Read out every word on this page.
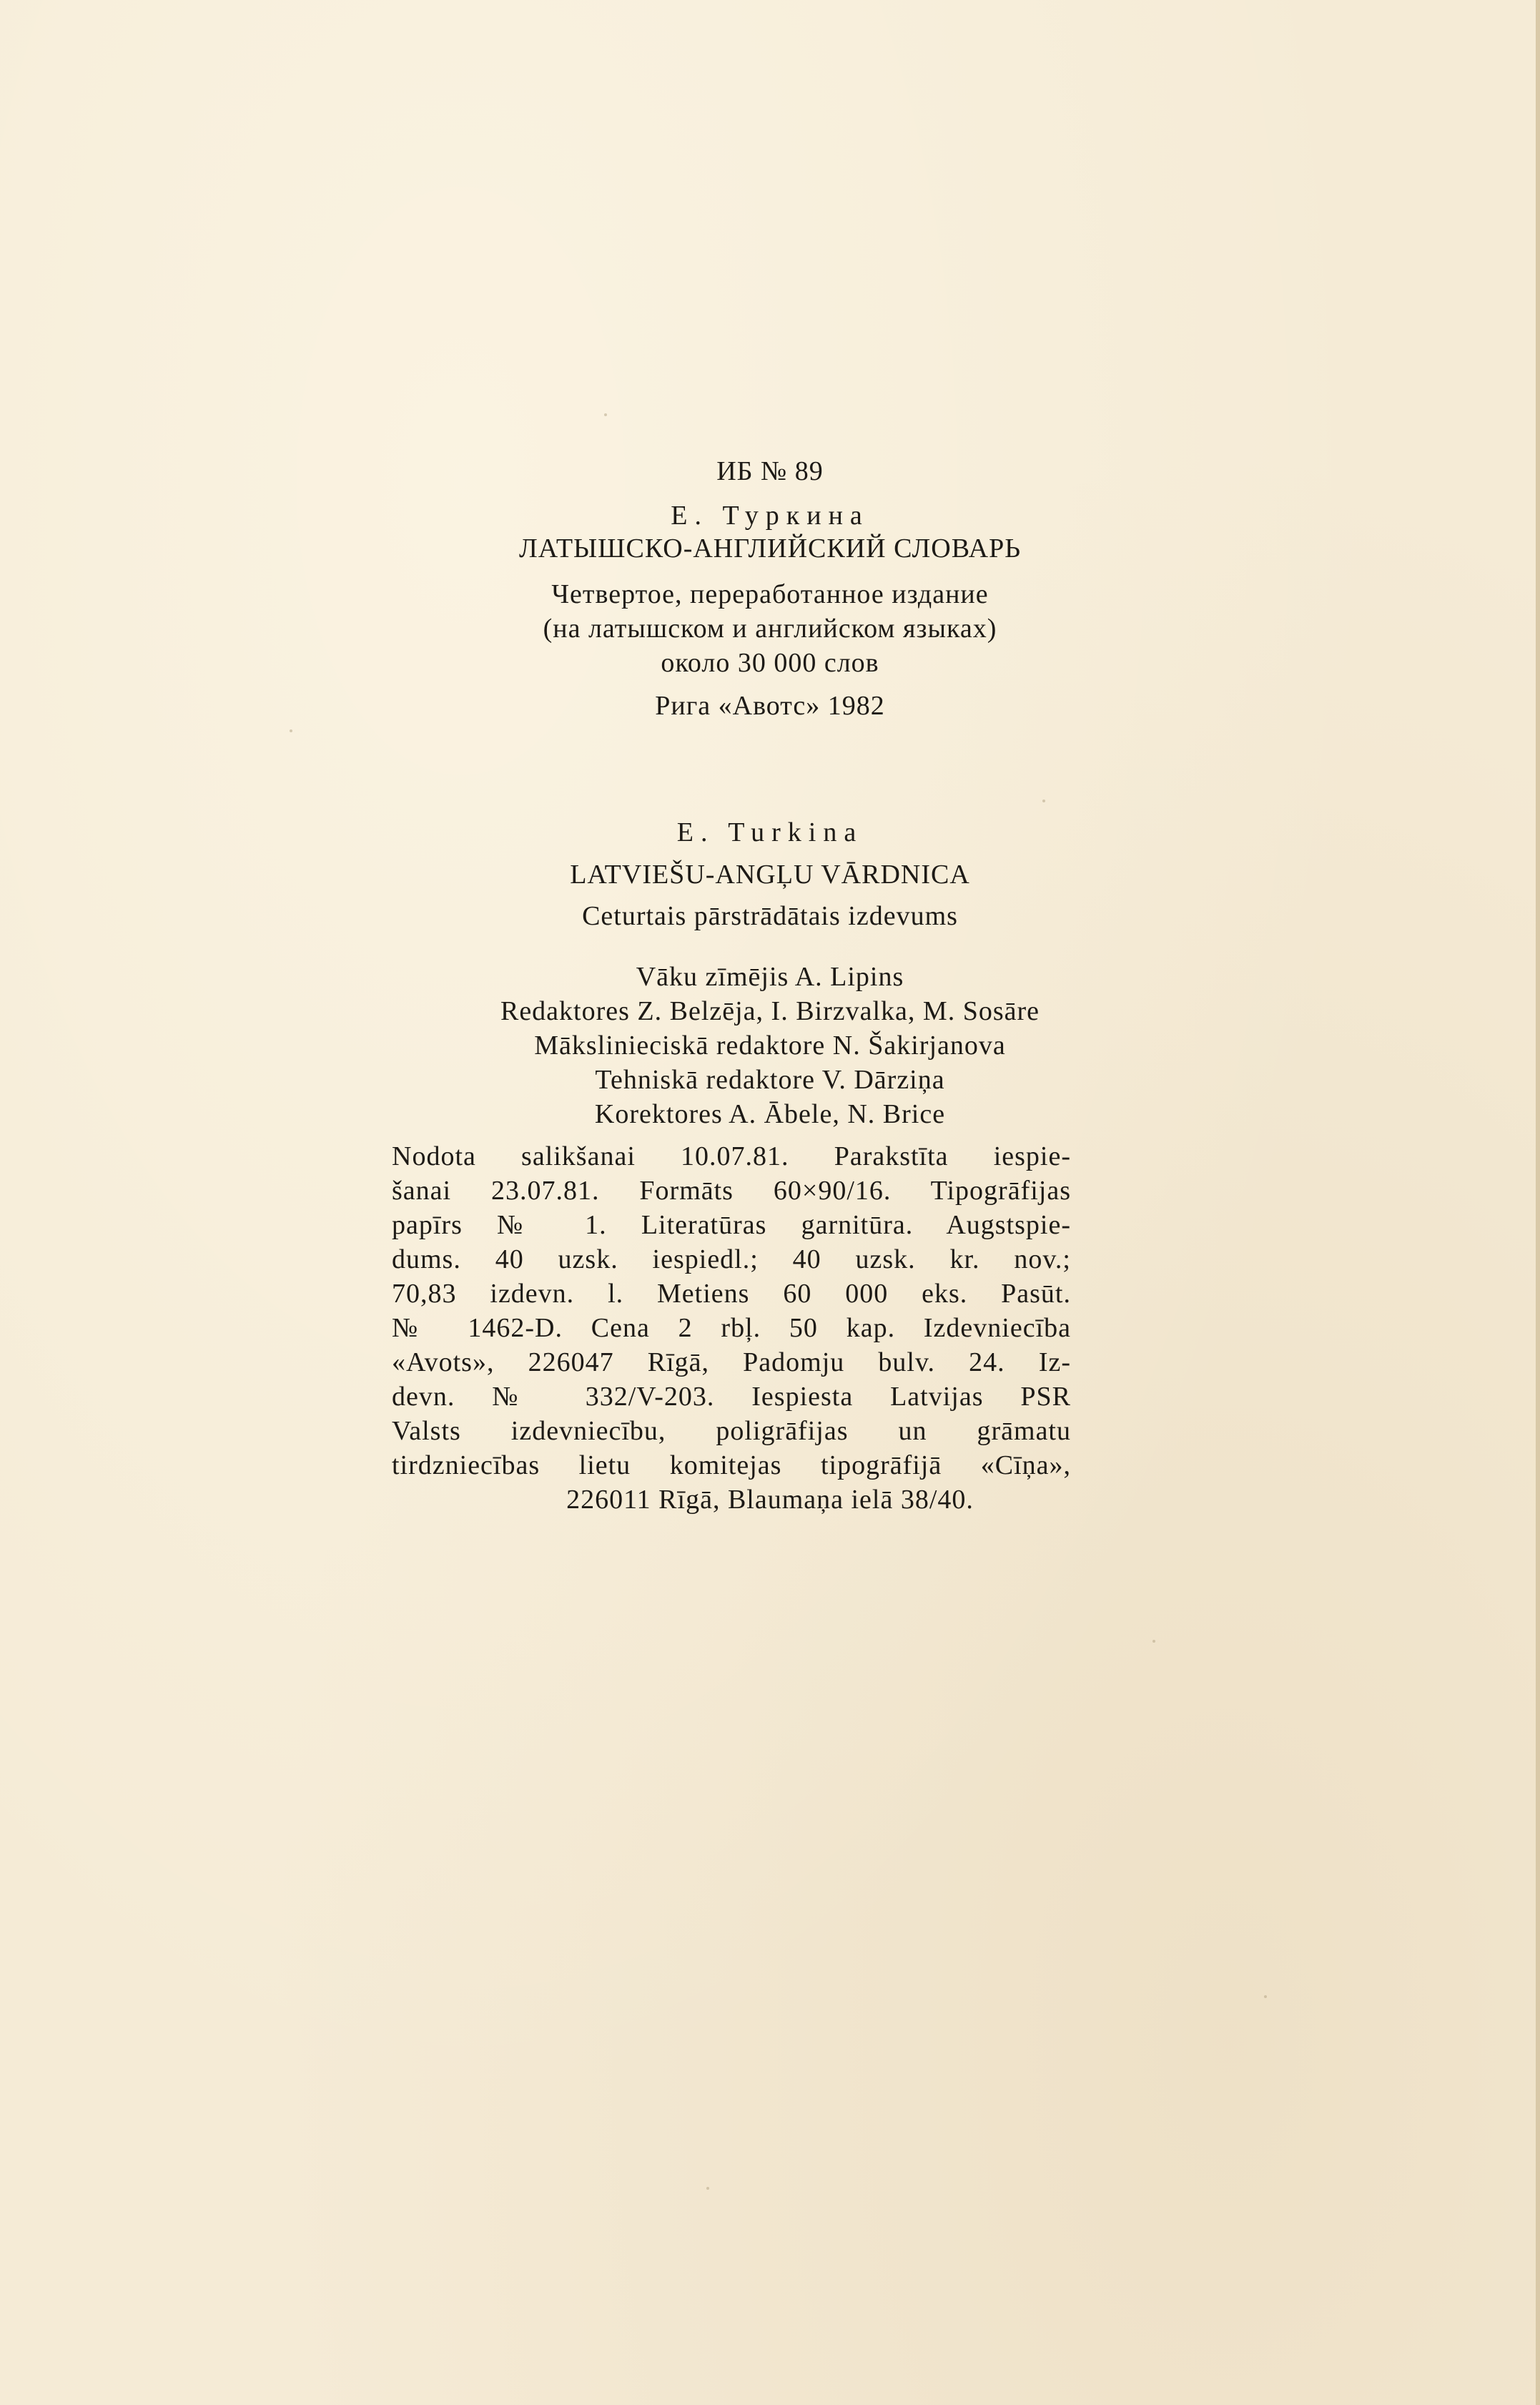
ИБ № 89
Е. Туркина
ЛАТЫШСКО-АНГЛИЙСКИЙ СЛОВАРЬ
Четвертое, переработанное издание
(на латышском и английском языках)
около 30 000 слов
Рига «Авотс» 1982
E. Turkina
LATVIEŠU-ANGĻU VĀRDNICA
Ceturtais pārstrādātais izdevums
Vāku zīmējis A. Lipins
Redaktores Z. Belzēja, I. Birzvalka, M. Sosāre
Mākslinieciskā redaktore N. Šakirjanova
Tehniskā redaktore V. Dārziņa
Korektores A. Ābele, N. Brice
Nodota salikšanai 10.07.81. Parakstīta iespie-
šanai 23.07.81. Formāts 60×90/16. Tipogrāfijas
papīrs № 1. Literatūras garnitūra. Augstspie-
dums. 40 uzsk. iespiedl.; 40 uzsk. kr. nov.;
70,83 izdevn. l. Metiens 60 000 eks. Pasūt.
№ 1462-D. Cena 2 rbļ. 50 kap. Izdevniecība
«Avots», 226047 Rīgā, Padomju bulv. 24. Iz-
devn. № 332/V-203. Iespiesta Latvijas PSR
Valsts izdevniecību, poligrāfijas un grāmatu
tirdzniecības lietu komitejas tipogrāfijā «Cīņa»,
226011 Rīgā, Blaumaņa ielā 38/40.
